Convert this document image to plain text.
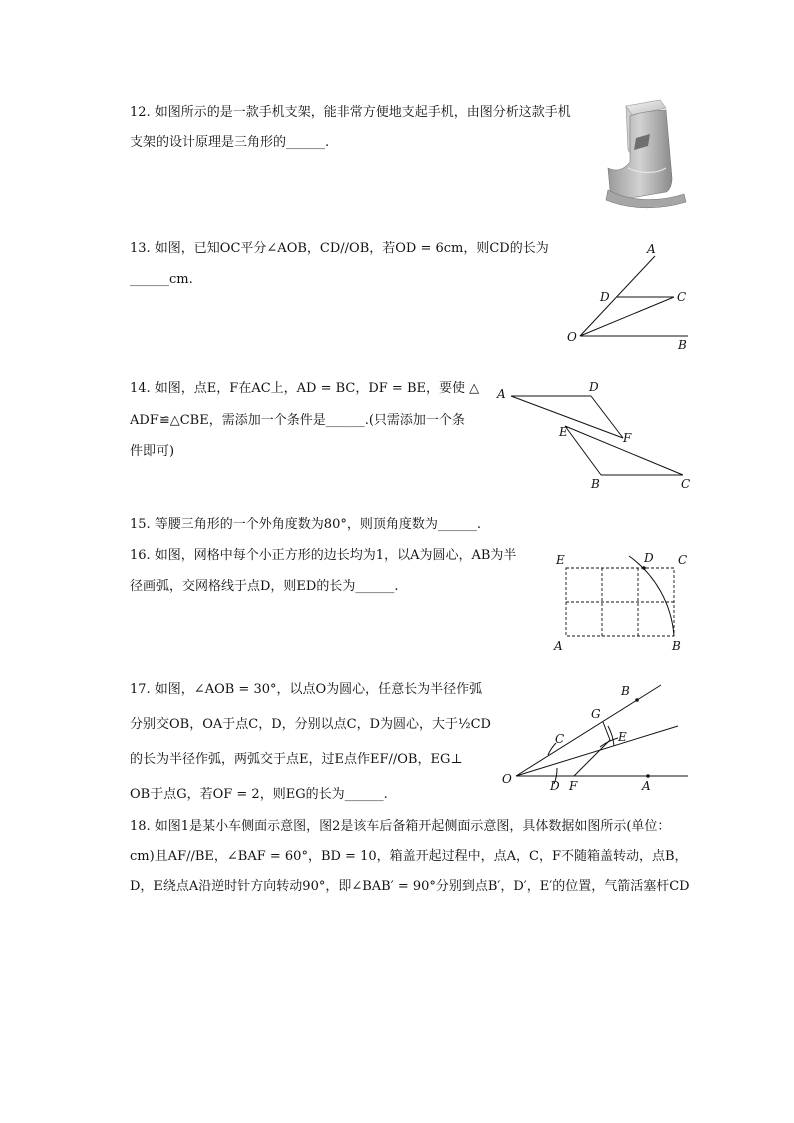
12. 如图所示的是一款手机支架，能非常方便地支起手机，由图分析这款手机
支架的设计原理是三角形的______.
13. 如图，已知OC平分∠AOB，CD//OB，若OD = 6cm，则CD的长为
______cm.
A
D	C
O
B
14. 如图，点E，F在AC上，AD = BC，DF = BE，要使 △
ADF≌△CBE，需添加一个条件是______.(只需添加一个条
件即可)
A	D
E	F
B	C
15. 等腰三角形的一个外角度数为80°，则顶角度数为______.
16. 如图，网格中每个小正方形的边长均为1，以A为圆心，AB为半
径画弧，交网格线于点D，则ED的长为______.
E	D C
A	B
17. 如图，∠AOB = 30°，以点O为圆心，任意长为半径作弧
分别交OB，OA于点C，D，分别以点C，D为圆心，大于½CD
的长为半径作弧，两弧交于点E，过E点作EF//OB，EG⊥
OB于点G，若OF = 2，则EG的长为______.
B
G
C	E
O	D F	A
18. 如图1是某小车侧面示意图，图2是该车后备箱开起侧面示意图，具体数据如图所示(单位：
cm)且AF//BE，∠BAF = 60°，BD = 10，箱盖开起过程中，点A，C，F不随箱盖转动，点B，
D，E绕点A沿逆时针方向转动90°，即∠BAB′ = 90°分别到点B′，D′，E′的位置，气箭活塞杆CD
